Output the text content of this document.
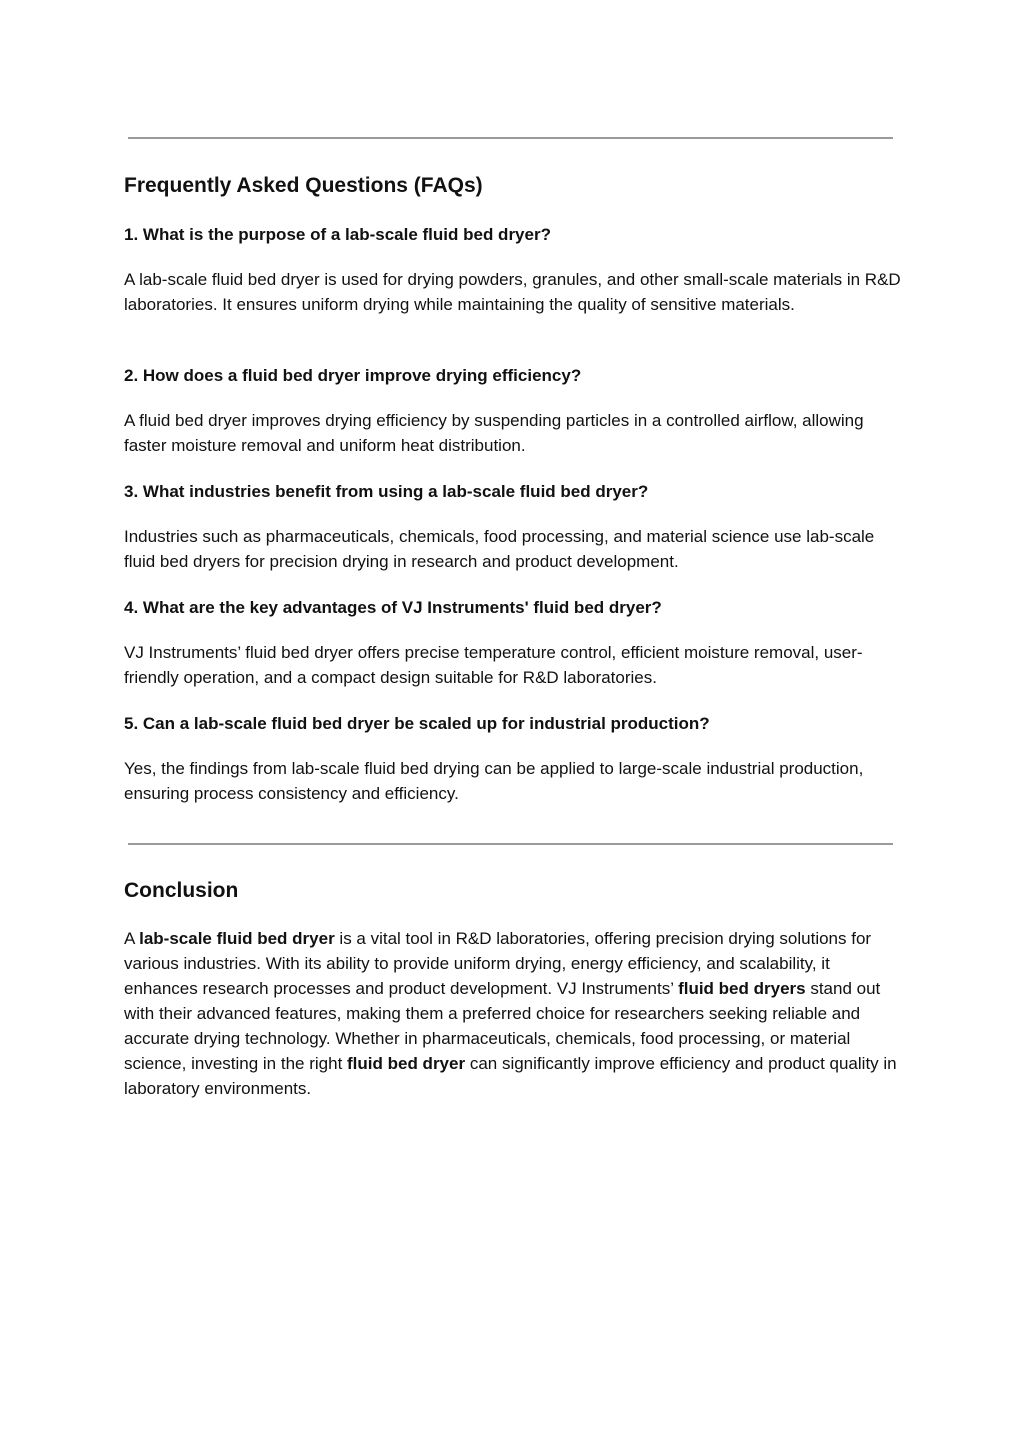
Frequently Asked Questions (FAQs)

1. What is the purpose of a lab-scale fluid bed dryer?

A lab-scale fluid bed dryer is used for drying powders, granules, and other small-scale materials in R&D laboratories. It ensures uniform drying while maintaining the quality of sensitive materials.

2. How does a fluid bed dryer improve drying efficiency?

A fluid bed dryer improves drying efficiency by suspending particles in a controlled airflow, allowing faster moisture removal and uniform heat distribution.

3. What industries benefit from using a lab-scale fluid bed dryer?

Industries such as pharmaceuticals, chemicals, food processing, and material science use lab-scale fluid bed dryers for precision drying in research and product development.

4. What are the key advantages of VJ Instruments' fluid bed dryer?

VJ Instruments’ fluid bed dryer offers precise temperature control, efficient moisture removal, user-friendly operation, and a compact design suitable for R&D laboratories.

5. Can a lab-scale fluid bed dryer be scaled up for industrial production?

Yes, the findings from lab-scale fluid bed drying can be applied to large-scale industrial production, ensuring process consistency and efficiency.

Conclusion

A lab-scale fluid bed dryer is a vital tool in R&D laboratories, offering precision drying solutions for various industries. With its ability to provide uniform drying, energy efficiency, and scalability, it enhances research processes and product development. VJ Instruments’ fluid bed dryers stand out with their advanced features, making them a preferred choice for researchers seeking reliable and accurate drying technology. Whether in pharmaceuticals, chemicals, food processing, or material science, investing in the right fluid bed dryer can significantly improve efficiency and product quality in laboratory environments.
